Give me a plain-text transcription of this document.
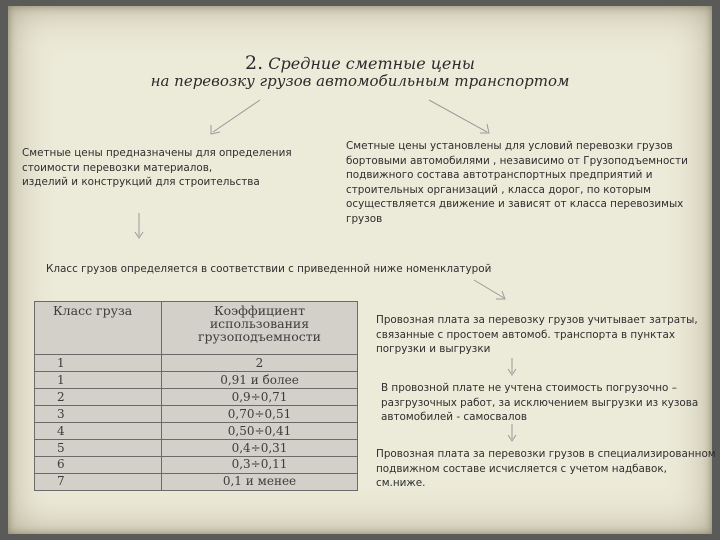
2. Средние сметные цены
на перевозку грузов автомобильным транспортом
Сметные цены предназначены для определения
стоимости перевозки материалов,
изделий и конструкций для строительства
Сметные цены установлены для условий перевозки грузов
бортовыми автомобилями , независимо от Грузоподъемности
подвижного состава автотранспортных предприятий и
строительных организаций , класса дорог, по которым
осуществляется движение и зависят от класса перевозимых
грузов
Класс грузов определяется в соответствии с приведенной ниже номенклатурой
Класс груза	Коэффициент использования грузоподъемности
1	2
1	0,91 и более
2	0,9÷0,71
3	0,70÷0,51
4	0,50÷0,41
5	0,4÷0,31
6	0,3÷0,11
7	0,1 и менее
Провозная плата за перевозку грузов учитывает затраты,
связанные с простоем автомоб. транспорта в пунктах
погрузки и выгрузки
В провозной плате не учтена стоимость погрузочно –
разгрузочных работ, за исключением выгрузки из кузова
автомобилей - самосвалов
Провозная плата за перевозки грузов в специализированном
подвижном составе исчисляется с учетом надбавок, см.ниже.
